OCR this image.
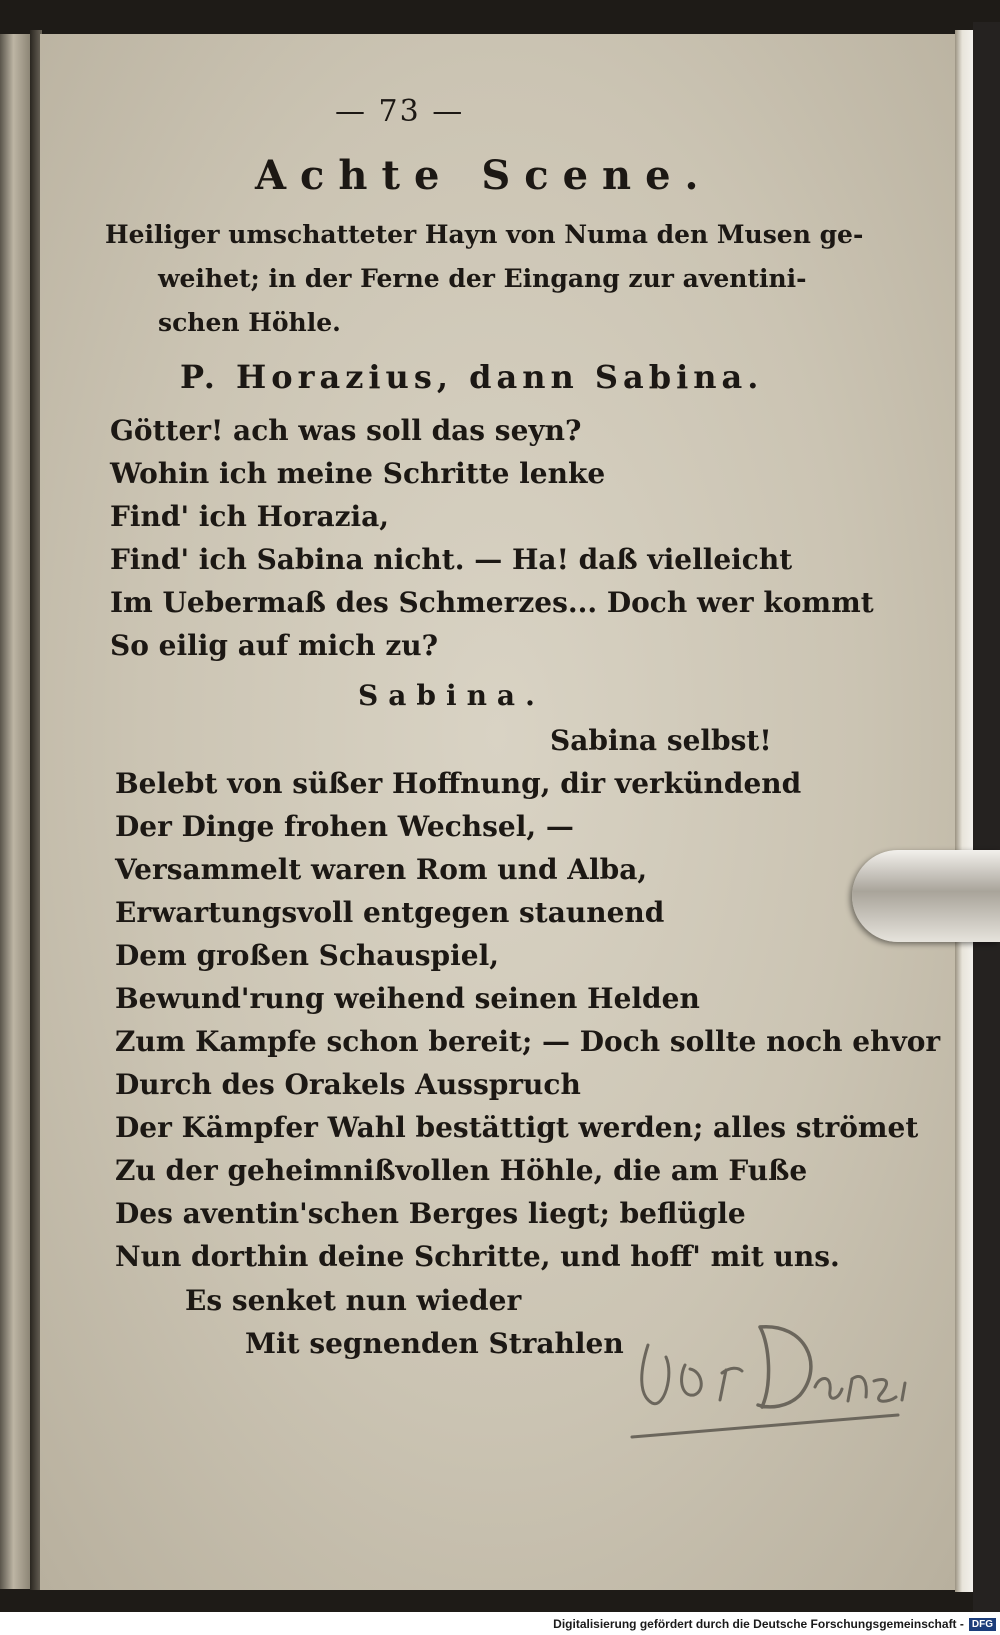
— 73 —
Achte Scene.
Heiliger umschatteter Hayn von Numa den Musen ge-
weihet; in der Ferne der Eingang zur aventini-
schen Höhle.
P. Horazius, dann Sabina.
Götter! ach was soll das seyn?
Wohin ich meine Schritte lenke
Find' ich Horazia,
Find' ich Sabina nicht. — Ha! daß vielleicht
Im Uebermaß des Schmerzes... Doch wer kommt
So eilig auf mich zu?
Sabina.
Sabina selbst!
Belebt von süßer Hoffnung, dir verkündend
Der Dinge frohen Wechsel, —
Versammelt waren Rom und Alba,
Erwartungsvoll entgegen staunend
Dem großen Schauspiel,
Bewund'rung weihend seinen Helden
Zum Kampfe schon bereit; — Doch sollte noch ehvor
Durch des Orakels Ausspruch
Der Kämpfer Wahl bestättigt werden; alles strömet
Zu der geheimnißvollen Höhle, die am Fuße
Des aventin'schen Berges liegt; beflügle
Nun dorthin deine Schritte, und hoff' mit uns.
Es senket nun wieder
Mit segnenden Strahlen
Digitalisierung gefördert durch die Deutsche Forschungsgemeinschaft - DFG
